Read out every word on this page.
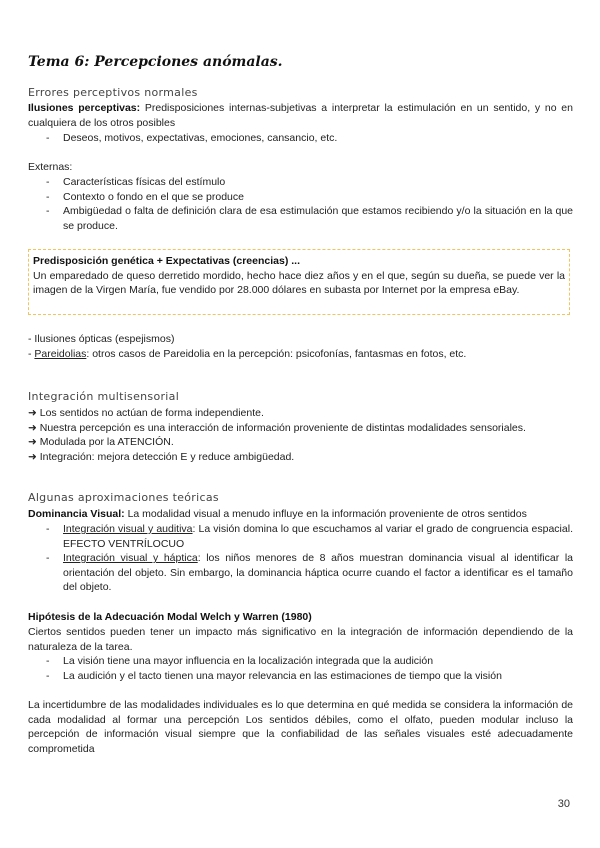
Tema 6: Percepciones anómalas.
Errores perceptivos normales
Ilusiones perceptivas: Predisposiciones internas-subjetivas a interpretar la estimulación en un sentido, y no en cualquiera de los otros posibles
- Deseos, motivos, expectativas, emociones, cansancio, etc.
Externas:
- Características físicas del estímulo
- Contexto o fondo en el que se produce
- Ambigüedad o falta de definición clara de esa estimulación que estamos recibiendo y/o la situación en la que se produce.
Predisposición genética + Expectativas (creencias) ...
Un emparedado de queso derretido mordido, hecho hace diez años y en el que, según su dueña, se puede ver la imagen de la Virgen María, fue vendido por 28.000 dólares en subasta por Internet por la empresa eBay.
- Ilusiones ópticas (espejismos)
- Pareidolias: otros casos de Pareidolia en la percepción: psicofonías, fantasmas en fotos, etc.
Integración multisensorial
➜ Los sentidos no actúan de forma independiente.
➜ Nuestra percepción es una interacción de información proveniente de distintas modalidades sensoriales.
➜ Modulada por la ATENCIÓN.
➜ Integración: mejora detección E y reduce ambigüedad.
Algunas aproximaciones teóricas
Dominancia Visual: La modalidad visual a menudo influye en la información proveniente de otros sentidos
- Integración visual y auditiva: La visión domina lo que escuchamos al variar el grado de congruencia espacial. EFECTO VENTRÍLOCUO
- Integración visual y háptica: los niños menores de 8 años muestran dominancia visual al identificar la orientación del objeto. Sin embargo, la dominancia háptica ocurre cuando el factor a identificar es el tamaño del objeto.
Hipótesis de la Adecuación Modal Welch y Warren (1980)
Ciertos sentidos pueden tener un impacto más significativo en la integración de información dependiendo de la naturaleza de la tarea.
- La visión tiene una mayor influencia en la localización integrada que la audición
- La audición y el tacto tienen una mayor relevancia en las estimaciones de tiempo que la visión
La incertidumbre de las modalidades individuales es lo que determina en qué medida se considera la información de cada modalidad al formar una percepción Los sentidos débiles, como el olfato, pueden modular incluso la percepción de información visual siempre que la confiabilidad de las señales visuales esté adecuadamente comprometida
30
